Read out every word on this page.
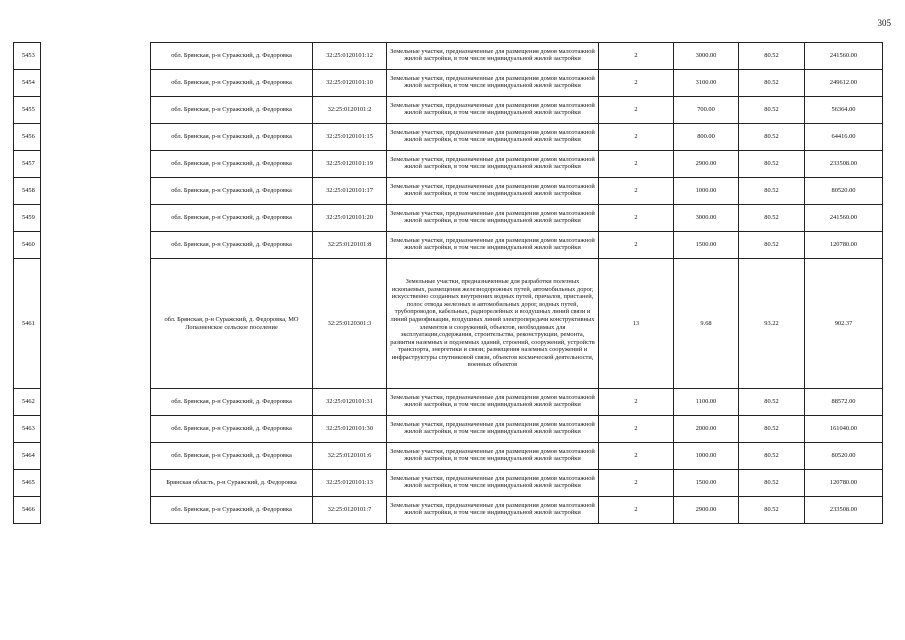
305
5453		обл. Брянская, р-н Суражский, д. Федоровка	32:25:0120101:12	Земельные участки, предназначенные для размещения домов малоэтажной жилой застройки, в том числе индивидуальной жилой застройки	2	3000.00	80.52	241560.00
5454		обл. Брянская, р-н Суражский, д. Федоровка	32:25:0120101:10	Земельные участки, предназначенные для размещения домов малоэтажной жилой застройки, в том числе индивидуальной жилой застройки	2	3100.00	80.52	249612.00
5455		обл. Брянская, р-н Суражский, д. Федоровка	32:25:0120101:2	Земельные участки, предназначенные для размещения домов малоэтажной жилой застройки, в том числе индивидуальной жилой застройки	2	700.00	80.52	56364.00
5456		обл. Брянская, р-н Суражский, д. Федоровка	32:25:0120101:15	Земельные участки, предназначенные для размещения домов малоэтажной жилой застройки, в том числе индивидуальной жилой застройки	2	800.00	80.52	64416.00
5457		обл. Брянская, р-н Суражский, д. Федоровка	32:25:0120101:19	Земельные участки, предназначенные для размещения домов малоэтажной жилой застройки, в том числе индивидуальной жилой застройки	2	2900.00	80.52	233508.00
5458		обл. Брянская, р-н Суражский, д. Федоровка	32:25:0120101:17	Земельные участки, предназначенные для размещения домов малоэтажной жилой застройки, в том числе индивидуальной жилой застройки	2	1000.00	80.52	80520.00
5459		обл. Брянская, р-н Суражский, д. Федоровка	32:25:0120101:20	Земельные участки, предназначенные для размещения домов малоэтажной жилой застройки, в том числе индивидуальной жилой застройки	2	3000.00	80.52	241560.00
5460		обл. Брянская, р-н Суражский, д. Федоровка	32:25:0120101:8	Земельные участки, предназначенные для размещения домов малоэтажной жилой застройки, в том числе индивидуальной жилой застройки	2	1500.00	80.52	120780.00
5461		обл. Брянская, р-н Суражский, д. Федоровка, МО Лопазненское сельское поселение	32:25:0120301:3	Земельные участки, предназначенные для разработки полезных ископаемых, размещения железнодорожных путей, автомобильных дорог, искусственно созданных внутренних водных путей, причалов, пристаней, полос отвода железных и автомобильных дорог, водных путей, трубопроводов, кабельных, радиорелейных и воздушных линий связи и линий радиофикации, воздушных линий электропередачи конструктивных элементов и сооружений, объектов, необходимых для эксплуатации,содержания, строительства, реконструкции, ремонта, развития наземных и подземных зданий, строений, сооружений, устройств транспорта, энергетики и связи; размещения наземных сооружений и инфраструктуры спутниковой связи, объектов космической деятельности, военных объектов	13	9.68	93.22	902.37
5462		обл. Брянская, р-н Суражский, д. Федоровка	32:25:0120101:31	Земельные участки, предназначенные для размещения домов малоэтажной жилой застройки, в том числе индивидуальной жилой застройки	2	1100.00	80.52	88572.00
5463		обл. Брянская, р-н Суражский, д. Федоровка	32:25:0120101:30	Земельные участки, предназначенные для размещения домов малоэтажной жилой застройки, в том числе индивидуальной жилой застройки	2	2000.00	80.52	161040.00
5464		обл. Брянская, р-н Суражский, д. Федоровка	32:25:0120101:6	Земельные участки, предназначенные для размещения домов малоэтажной жилой застройки, в том числе индивидуальной жилой застройки	2	1000.00	80.52	80520.00
5465		Брянская область, р-н Суражский, д. Федоровка	32:25:0120101:13	Земельные участки, предназначенные для размещения домов малоэтажной жилой застройки, в том числе индивидуальной жилой застройки	2	1500.00	80.52	120780.00
5466		обл. Брянская, р-н Суражский, д. Федоровка	32:25:0120101:7	Земельные участки, предназначенные для размещения домов малоэтажной жилой застройки, в том числе индивидуальной жилой застройки	2	2900.00	80.52	233508.00
